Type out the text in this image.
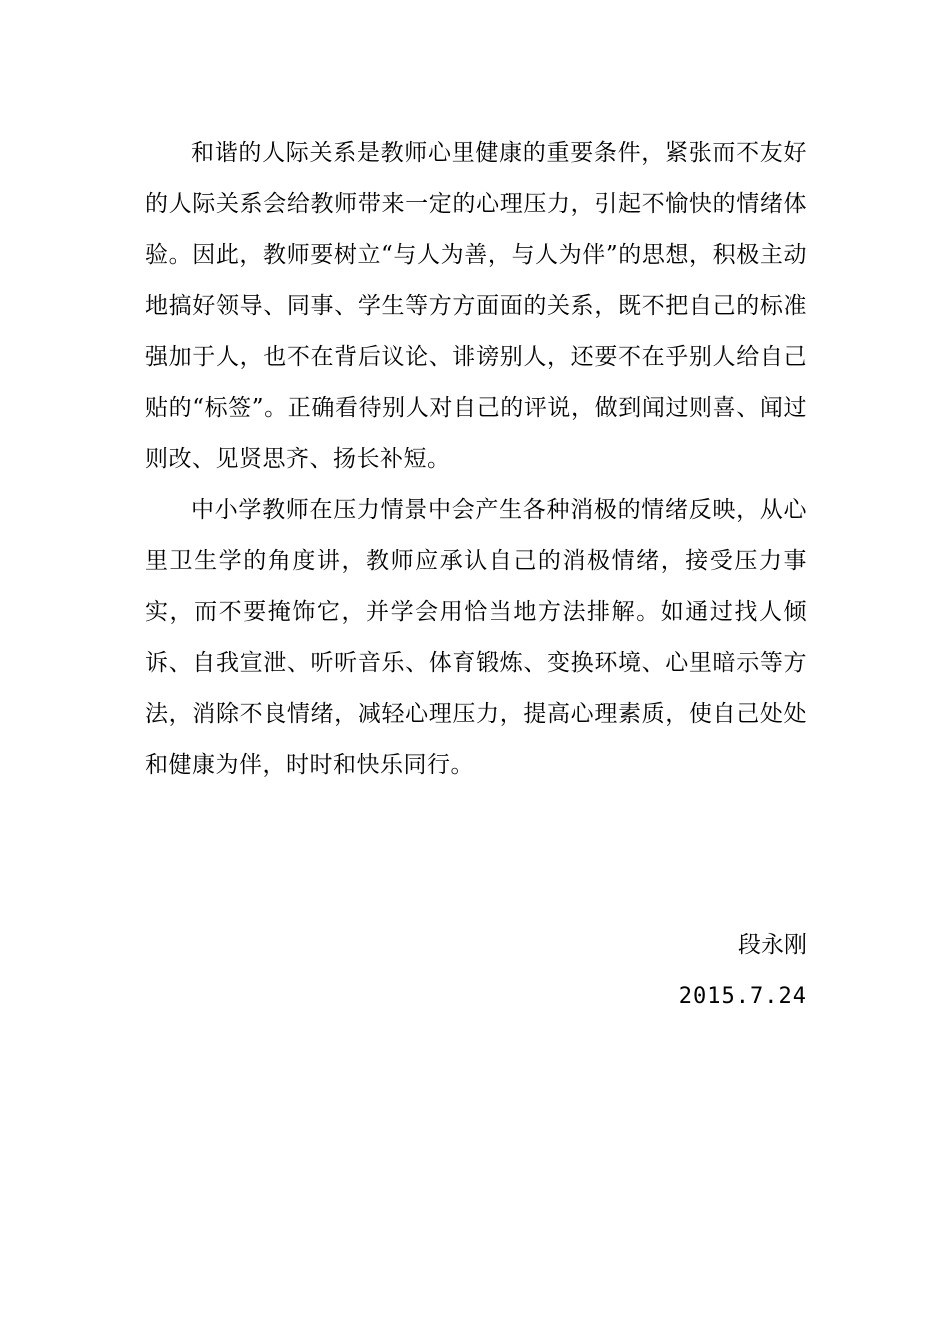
和谐的人际关系是教师心里健康的重要条件，紧张而不友好的人际关系会给教师带来一定的心理压力，引起不愉快的情绪体验。因此，教师要树立“与人为善，与人为伴”的思想，积极主动地搞好领导、同事、学生等方方面面的关系，既不把自己的标准强加于人，也不在背后议论、诽谤别人，还要不在乎别人给自己贴的“标签”。正确看待别人对自己的评说，做到闻过则喜、闻过则改、见贤思齐、扬长补短。

中小学教师在压力情景中会产生各种消极的情绪反映，从心里卫生学的角度讲，教师应承认自己的消极情绪，接受压力事实，而不要掩饰它，并学会用恰当地方法排解。如通过找人倾诉、自我宣泄、听听音乐、体育锻炼、变换环境、心里暗示等方法，消除不良情绪，减轻心理压力，提高心理素质，使自己处处和健康为伴，时时和快乐同行。

段永刚
2015.7.24
